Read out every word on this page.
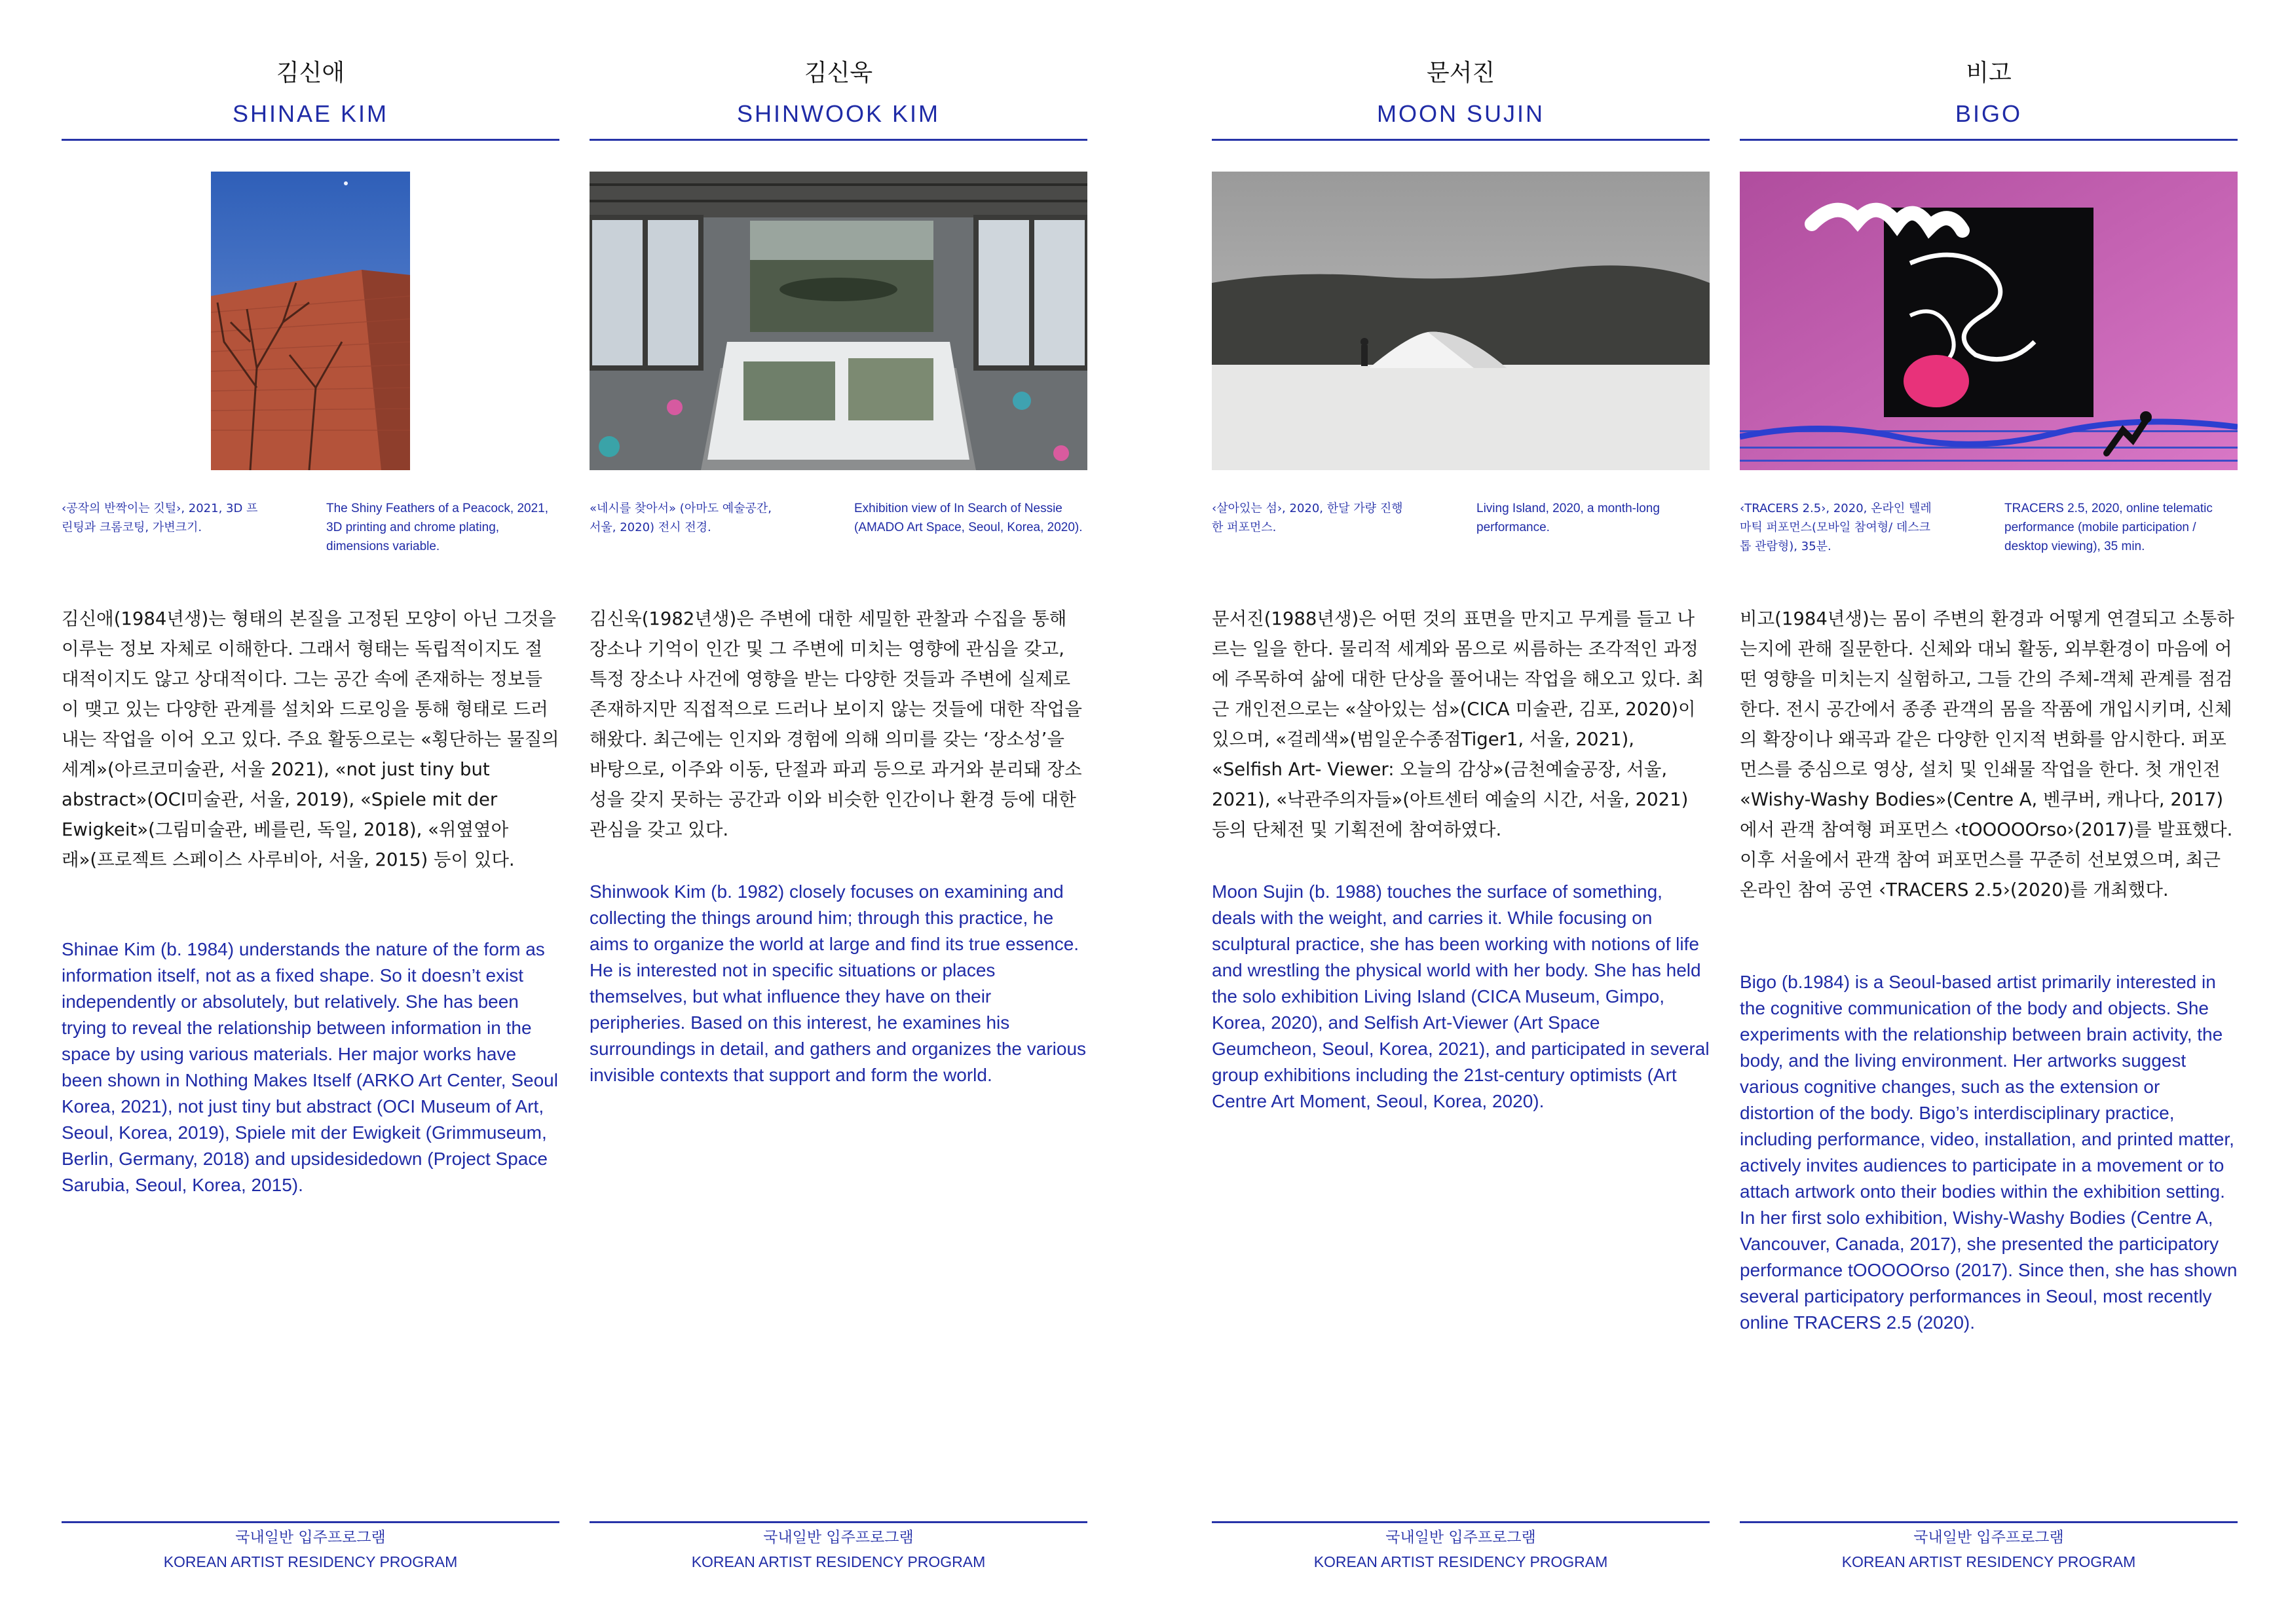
김신애
SHINAE KIM
‹공작의 반짝이는 깃털›, 2021, 3D 프린팅과 크롬코팅, 가변크기.
The Shiny Feathers of a Peacock, 2021, 3D printing and chrome plating, dimensions variable.
김신애(1984년생)는 형태의 본질을 고정된 모양이 아닌 그것을 이루는 정보 자체로 이해한다. 그래서 형태는 독립적이지도 절대적이지도 않고 상대적이다. 그는 공간 속에 존재하는 정보들이 맺고 있는 다양한 관계를 설치와 드로잉을 통해 형태로 드러내는 작업을 이어 오고 있다. 주요 활동으로는 «횡단하는 물질의 세계»(아르코미술관, 서울 2021), «not just tiny but abstract»(OCI미술관, 서울, 2019), «Spiele mit der Ewigkeit»(그림미술관, 베를린, 독일, 2018), «위옆옆아래»(프로젝트 스페이스 사루비아, 서울, 2015) 등이 있다.
Shinae Kim (b. 1984) understands the nature of the form as information itself, not as a fixed shape. So it doesn’t exist independently or absolutely, but relatively. She has been trying to reveal the relationship between information in the space by using various materials. Her major works have been shown in Nothing Makes Itself (ARKO Art Center, Seoul Korea, 2021), not just tiny but abstract (OCI Museum of Art, Seoul, Korea, 2019), Spiele mit der Ewigkeit (Grimmuseum, Berlin, Germany, 2018) and upsidesidedown (Project Space Sarubia, Seoul, Korea, 2015).
국내일반 입주프로그램
KOREAN ARTIST RESIDENCY PROGRAM
김신욱
SHINWOOK KIM
«네시를 찾아서» (아마도 예술공간, 서울, 2020) 전시 전경.
Exhibition view of In Search of Nessie (AMADO Art Space, Seoul, Korea, 2020).
김신욱(1982년생)은 주변에 대한 세밀한 관찰과 수집을 통해 장소나 기억이 인간 및 그 주변에 미치는 영향에 관심을 갖고, 특정 장소나 사건에 영향을 받는 다양한 것들과 주변에 실제로 존재하지만 직접적으로 드러나 보이지 않는 것들에 대한 작업을 해왔다. 최근에는 인지와 경험에 의해 의미를 갖는 ‘장소성’을 바탕으로, 이주와 이동, 단절과 파괴 등으로 과거와 분리돼 장소성을 갖지 못하는 공간과 이와 비슷한 인간이나 환경 등에 대한 관심을 갖고 있다.
Shinwook Kim (b. 1982) closely focuses on examining and collecting the things around him; through this practice, he aims to organize the world at large and find its true essence. He is interested not in specific situations or places themselves, but what influence they have on their peripheries. Based on this interest, he examines his surroundings in detail, and gathers and organizes the various invisible contexts that support and form the world.
국내일반 입주프로그램
KOREAN ARTIST RESIDENCY PROGRAM
문서진
MOON SUJIN
‹살아있는 섬›, 2020, 한달 가량 진행한 퍼포먼스.
Living Island, 2020, a month-long performance.
문서진(1988년생)은 어떤 것의 표면을 만지고 무게를 들고 나르는 일을 한다. 물리적 세계와 몸으로 씨름하는 조각적인 과정에 주목하여 삶에 대한 단상을 풀어내는 작업을 해오고 있다. 최근 개인전으로는 «살아있는 섬»(CICA 미술관, 김포, 2020)이 있으며, «걸레색»(범일운수종점Tiger1, 서울, 2021), «Selfish Art- Viewer: 오늘의 감상»(금천예술공장, 서울, 2021), «낙관주의자들»(아트센터 예술의 시간, 서울, 2021) 등의 단체전 및 기획전에 참여하였다.
Moon Sujin (b. 1988) touches the surface of something, deals with the weight, and carries it. While focusing on sculptural practice, she has been working with notions of life and wrestling the physical world with her body. She has held the solo exhibition Living Island (CICA Museum, Gimpo, Korea, 2020), and Selfish Art-Viewer (Art Space Geumcheon, Seoul, Korea, 2021), and participated in several group exhibitions including the 21st-century optimists (Art Centre Art Moment, Seoul, Korea, 2020).
국내일반 입주프로그램
KOREAN ARTIST RESIDENCY PROGRAM
비고
BIGO
‹TRACERS 2.5›, 2020, 온라인 텔레마틱 퍼포먼스(모바일 참여형/ 데스크톱 관람형), 35분.
TRACERS 2.5, 2020, online telematic performance (mobile participation / desktop viewing), 35 min.
비고(1984년생)는 몸이 주변의 환경과 어떻게 연결되고 소통하는지에 관해 질문한다. 신체와 대뇌 활동, 외부환경이 마음에 어떤 영향을 미치는지 실험하고, 그들 간의 주체-객체 관계를 점검한다. 전시 공간에서 종종 관객의 몸을 작품에 개입시키며, 신체의 확장이나 왜곡과 같은 다양한 인지적 변화를 암시한다. 퍼포먼스를 중심으로 영상, 설치 및 인쇄물 작업을 한다. 첫 개인전 «Wishy-Washy Bodies»(Centre A, 벤쿠버, 캐나다, 2017)에서 관객 참여형 퍼포먼스 ‹tOOOOOrso›(2017)를 발표했다. 이후 서울에서 관객 참여 퍼포먼스를 꾸준히 선보였으며, 최근 온라인 참여 공연 ‹TRACERS 2.5›(2020)를 개최했다.
Bigo (b.1984) is a Seoul-based artist primarily interested in the cognitive communication of the body and objects. She experiments with the relationship between brain activity, the body, and the living environment. Her artworks suggest various cognitive changes, such as the extension or distortion of the body. Bigo’s interdisciplinary practice, including performance, video, installation, and printed matter, actively invites audiences to participate in a movement or to attach artwork onto their bodies within the exhibition setting. In her first solo exhibition, Wishy-Washy Bodies (Centre A, Vancouver, Canada, 2017), she presented the participatory performance tOOOOOrso (2017). Since then, she has shown several participatory performances in Seoul, most recently online TRACERS 2.5 (2020).
국내일반 입주프로그램
KOREAN ARTIST RESIDENCY PROGRAM
